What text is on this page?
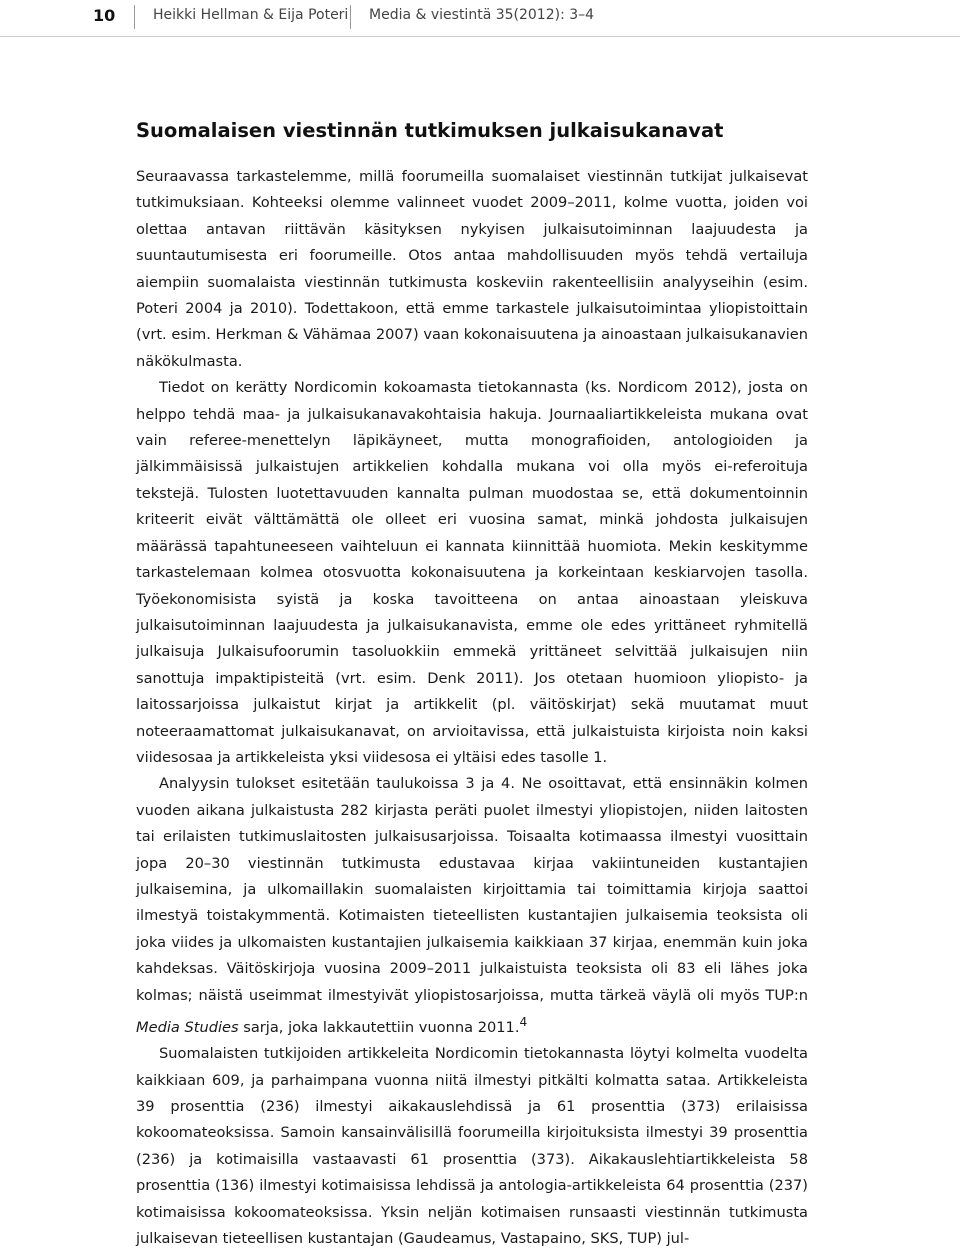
10	Heikki Hellman & Eija Poteri Media & viestintä 35(2012): 3–4
Suomalaisen viestinnän tutkimuksen julkaisukanavat

Seuraavassa tarkastelemme, millä foorumeilla suomalaiset viestinnän tutkijat julkaisevat tutkimuksiaan. Kohteeksi olemme valinneet vuodet 2009–2011, kolme vuotta, joiden voi olettaa antavan riittävän käsityksen nykyisen julkaisutoiminnan laajuudesta ja suuntautumisesta eri foorumeille. Otos antaa mahdollisuuden myös tehdä vertailuja aiempiin suomalaista viestinnän tutkimusta koskeviin rakenteellisiin analyyseihin (esim. Poteri 2004 ja 2010). Todettakoon, että emme tarkastele julkaisutoimintaa yliopistoittain (vrt. esim. Herkman & Vähämaa 2007) vaan kokonaisuutena ja ainoastaan julkaisukanavien näkökulmasta.

Tiedot on kerätty Nordicomin kokoamasta tietokannasta (ks. Nordicom 2012), josta on helppo tehdä maa- ja julkaisukanavakohtaisia hakuja. Journaaliartikkeleista mukana ovat vain referee-menettelyn läpikäyneet, mutta monografioiden, antologioiden ja jälkimmäisissä julkaistujen artikkelien kohdalla mukana voi olla myös ei-referoituja tekstejä. Tulosten luotettavuuden kannalta pulman muodostaa se, että dokumentoinnin kriteerit eivät välttämättä ole olleet eri vuosina samat, minkä johdosta julkaisujen määrässä tapahtuneeseen vaihteluun ei kannata kiinnittää huomiota. Mekin keskitymme tarkastelemaan kolmea otosvuotta kokonaisuutena ja korkeintaan keskiarvojen tasolla. Työekonomisista syistä ja koska tavoitteena on antaa ainoastaan yleiskuva julkaisutoiminnan laajuudesta ja julkaisukanavista, emme ole edes yrittäneet ryhmitellä julkaisuja Julkaisufoorumin tasoluokkiin emmekä yrittäneet selvittää julkaisujen niin sanottuja impaktipisteitä (vrt. esim. Denk 2011). Jos otetaan huomioon yliopisto- ja laitossarjoissa julkaistut kirjat ja artikkelit (pl. väitöskirjat) sekä muutamat muut noteeraamattomat julkaisukanavat, on arvioitavissa, että julkaistuista kirjoista noin kaksi viidesosaa ja artikkeleista yksi viidesosa ei yltäisi edes tasolle 1.

Analyysin tulokset esitetään taulukoissa 3 ja 4. Ne osoittavat, että ensinnäkin kolmen vuoden aikana julkaistusta 282 kirjasta peräti puolet ilmestyi yliopistojen, niiden laitosten tai erilaisten tutkimuslaitosten julkaisusarjoissa. Toisaalta kotimaassa ilmestyi vuosittain jopa 20–30 viestinnän tutkimusta edustavaa kirjaa vakiintuneiden kustantajien julkaisemina, ja ulkomaillakin suomalaisten kirjoittamia tai toimittamia kirjoja saattoi ilmestyä toistakymmentä. Kotimaisten tieteellisten kustantajien julkaisemia teoksista oli joka viides ja ulkomaisten kustantajien julkaisemia kaikkiaan 37 kirjaa, enemmän kuin joka kahdeksas. Väitöskirjoja vuosina 2009–2011 julkaistuista teoksista oli 83 eli lähes joka kolmas; näistä useimmat ilmestyivät yliopistosarjoissa, mutta tärkeä väylä oli myös TUP:n Media Studies sarja, joka lakkautettiin vuonna 2011.$^4$

Suomalaisten tutkijoiden artikkeleita Nordicomin tietokannasta löytyi kolmelta vuodelta kaikkiaan 609, ja parhaimpana vuonna niitä ilmestyi pitkälti kolmatta sataa. Artikkeleista 39 prosenttia (236) ilmestyi aikakauslehdissä ja 61 prosenttia (373) erilaisissa kokoomateoksissa. Samoin kansainvälisillä foorumeilla kirjoituksista ilmestyi 39 prosenttia (236) ja kotimaisilla vastaavasti 61 prosenttia (373). Aikakauslehtiartikkeleista 58 prosenttia (136) ilmestyi kotimaisissa lehdissä ja antologia-artikkeleista 64 prosenttia (237) kotimaisissa kokoomateoksissa. Yksin neljän kotimaisen runsaasti viestinnän tutkimusta julkaisevan tieteellisen kustantajan (Gaudeamus, Vastapaino, SKS, TUP) jul-
